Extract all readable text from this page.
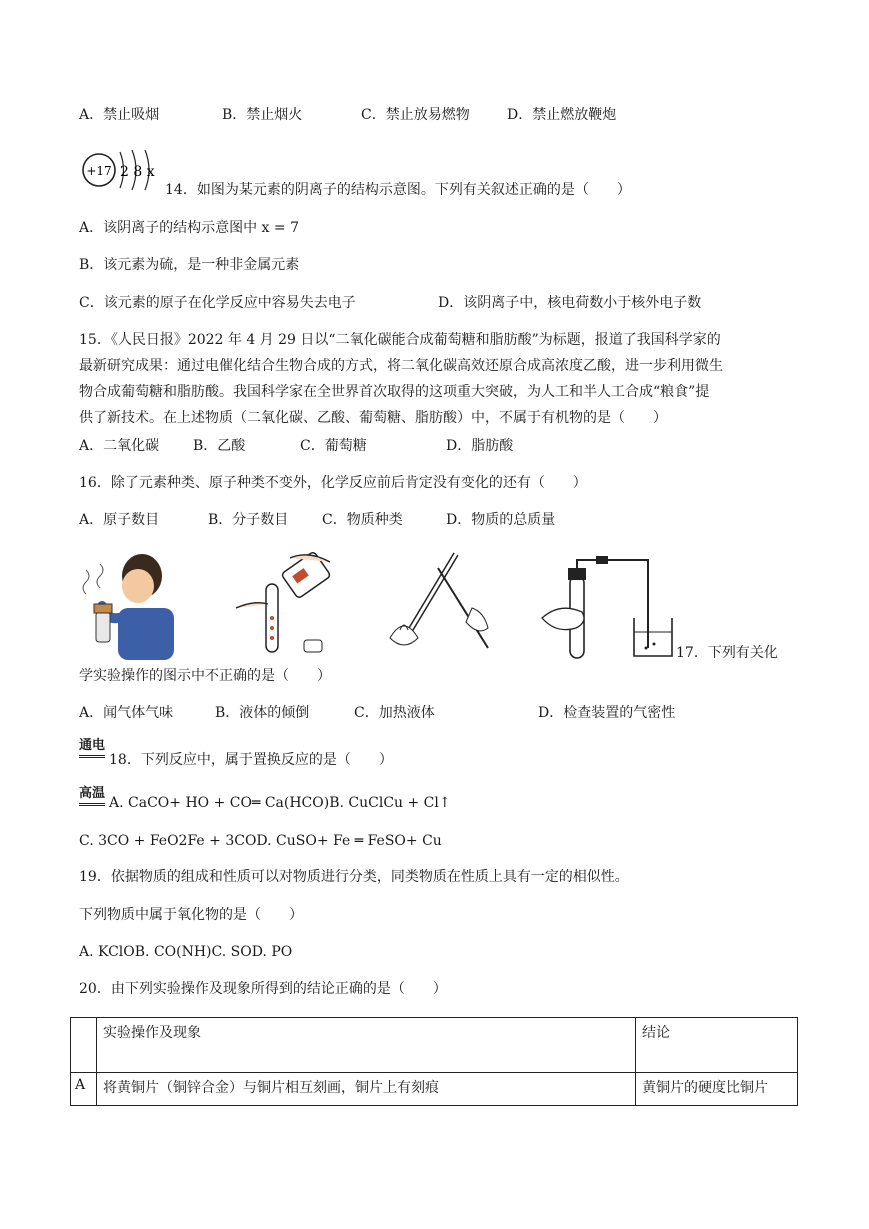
A．禁止吸烟	B．禁止烟火	C．禁止放易燃物	D．禁止燃放鞭炮
+17 2 8 x
14．如图为某元素的阴离子的结构示意图。下列有关叙述正确的是（　　）
A．该阴离子的结构示意图中 x = 7
B．该元素为硫，是一种非金属元素
C．该元素的原子在化学反应中容易失去电子	D．该阴离子中，核电荷数小于核外电子数
15．《人民日报》2022 年 4 月 29 日以“二氧化碳能合成葡萄糖和脂肪酸”为标题，报道了我国科学家的
最新研究成果：通过电催化结合生物合成的方式，将二氧化碳高效还原合成高浓度乙酸，进一步利用微生
物合成葡萄糖和脂肪酸。我国科学家在全世界首次取得的这项重大突破，为人工和半人工合成“粮食”提
供了新技术。在上述物质（二氧化碳、乙酸、葡萄糖、脂肪酸）中，不属于有机物的是（　　）
A．二氧化碳 B．乙酸	C．葡萄糖	D．脂肪酸
16．除了元素种类、原子种类不变外，化学反应前后肯定没有变化的还有（　　）
A．原子数目	B．分子数目 C．物质种类	D．物质的总质量
17．下列有关化
学实验操作的图示中不正确的是（　　）
A．闻气体气味	B．液体的倾倒	C．加热液体	D．检查装置的气密性
通电
18．下列反应中，属于置换反应的是（　　）
高温
A. CaCO+ HO + CO═ Ca(HCO)B. CuClCu + Cl↑
C. 3CO + FeO2Fe + 3COD. CuSO+ Fe ═ FeSO+ Cu
19．依据物质的组成和性质可以对物质进行分类，同类物质在性质上具有一定的相似性。
下列物质中属于氧化物的是（　　）
A. KClOB. CO(NH)C. SOD. PO
20．由下列实验操作及现象所得到的结论正确的是（　　）
	实验操作及现象	结论
A	将黄铜片（铜锌合金）与铜片相互刻画，铜片上有刻痕	黄铜片的硬度比铜片
